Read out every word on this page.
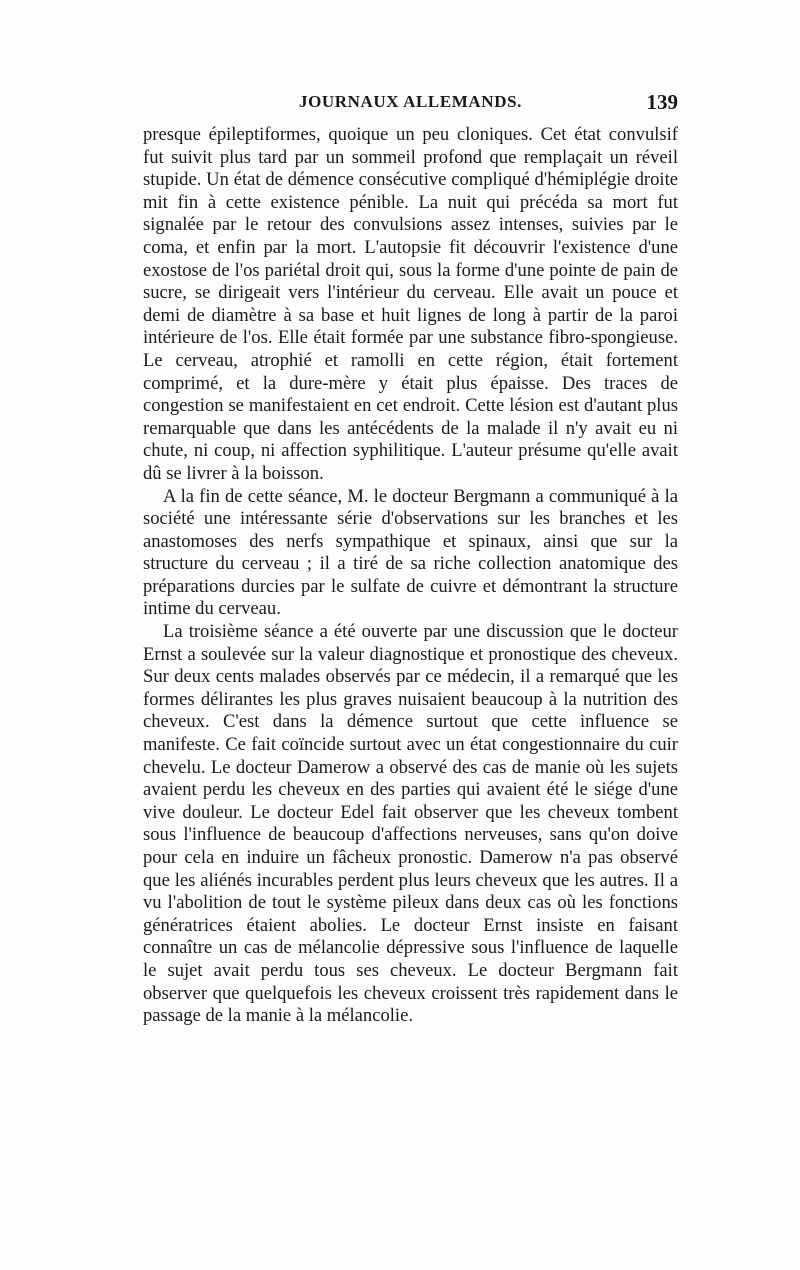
JOURNAUX ALLEMANDS.	139

presque épileptiformes, quoique un peu cloniques. Cet état convulsif fut suivit plus tard par un sommeil profond que remplaçait un réveil stupide. Un état de démence consécutive compliqué d'hémiplégie droite mit fin à cette existence pénible. La nuit qui précéda sa mort fut signalée par le retour des convulsions assez intenses, suivies par le coma, et enfin par la mort. L'autopsie fit découvrir l'existence d'une exostose de l'os pariétal droit qui, sous la forme d'une pointe de pain de sucre, se dirigeait vers l'intérieur du cerveau. Elle avait un pouce et demi de diamètre à sa base et huit lignes de long à partir de la paroi intérieure de l'os. Elle était formée par une substance fibro-spongieuse. Le cerveau, atrophié et ramolli en cette région, était fortement comprimé, et la dure-mère y était plus épaisse. Des traces de congestion se manifestaient en cet endroit. Cette lésion est d'autant plus remarquable que dans les antécédents de la malade il n'y avait eu ni chute, ni coup, ni affection syphilitique. L'auteur présume qu'elle avait dû se livrer à la boisson.

A la fin de cette séance, M. le docteur Bergmann a communiqué à la société une intéressante série d'observations sur les branches et les anastomoses des nerfs sympathique et spinaux, ainsi que sur la structure du cerveau ; il a tiré de sa riche collection anatomique des préparations durcies par le sulfate de cuivre et démontrant la structure intime du cerveau.

La troisième séance a été ouverte par une discussion que le docteur Ernst a soulevée sur la valeur diagnostique et pronostique des cheveux. Sur deux cents malades observés par ce médecin, il a remarqué que les formes délirantes les plus graves nuisaient beaucoup à la nutrition des cheveux. C'est dans la démence surtout que cette influence se manifeste. Ce fait coïncide surtout avec un état congestionnaire du cuir chevelu. Le docteur Damerow a observé des cas de manie où les sujets avaient perdu les cheveux en des parties qui avaient été le siége d'une vive douleur. Le docteur Edel fait observer que les cheveux tombent sous l'influence de beaucoup d'affections nerveuses, sans qu'on doive pour cela en induire un fâcheux pronostic. Damerow n'a pas observé que les aliénés incurables perdent plus leurs cheveux que les autres. Il a vu l'abolition de tout le système pileux dans deux cas où les fonctions génératrices étaient abolies. Le docteur Ernst insiste en faisant connaître un cas de mélancolie dépressive sous l'influence de laquelle le sujet avait perdu tous ses cheveux. Le docteur Bergmann fait observer que quelquefois les cheveux croissent très rapidement dans le passage de la manie à la mélancolie.
